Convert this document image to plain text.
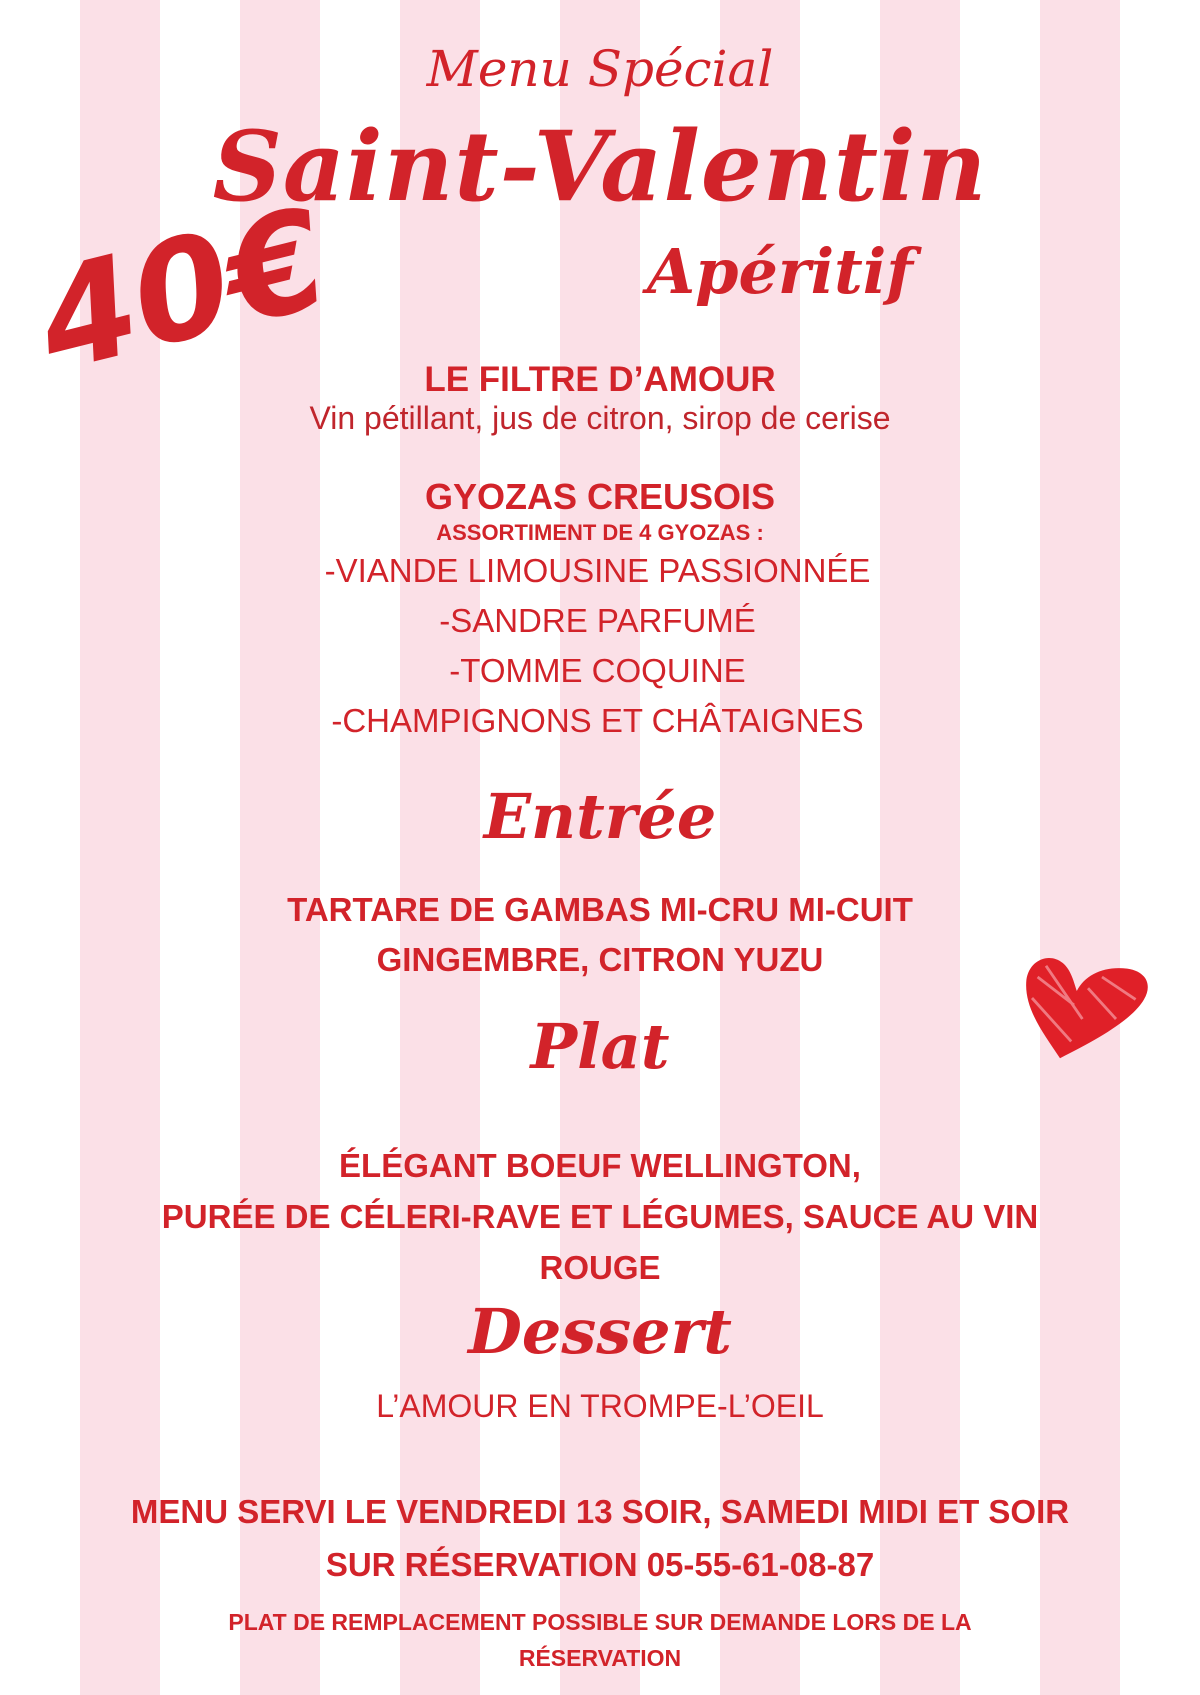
Menu Spécial
Saint-Valentin
40€	Apéritif
LE FILTRE D’AMOUR
Vin pétillant, jus de citron, sirop de cerise
GYOZAS CREUSOIS
ASSORTIMENT DE 4 GYOZAS :
-VIANDE LIMOUSINE PASSIONNÉE
-SANDRE PARFUMÉ
-TOMME COQUINE
-CHAMPIGNONS ET CHÂTAIGNES
Entrée
TARTARE DE GAMBAS MI-CRU MI-CUIT
GINGEMBRE, CITRON YUZU
Plat
ÉLÉGANT BOEUF WELLINGTON,
PURÉE DE CÉLERI-RAVE ET LÉGUMES, SAUCE AU VIN
ROUGE
Dessert
L’AMOUR EN TROMPE-L’OEIL
MENU SERVI LE VENDREDI 13 SOIR, SAMEDI MIDI ET SOIR
SUR RÉSERVATION 05-55-61-08-87
PLAT DE REMPLACEMENT POSSIBLE SUR DEMANDE LORS DE LA
RÉSERVATION
